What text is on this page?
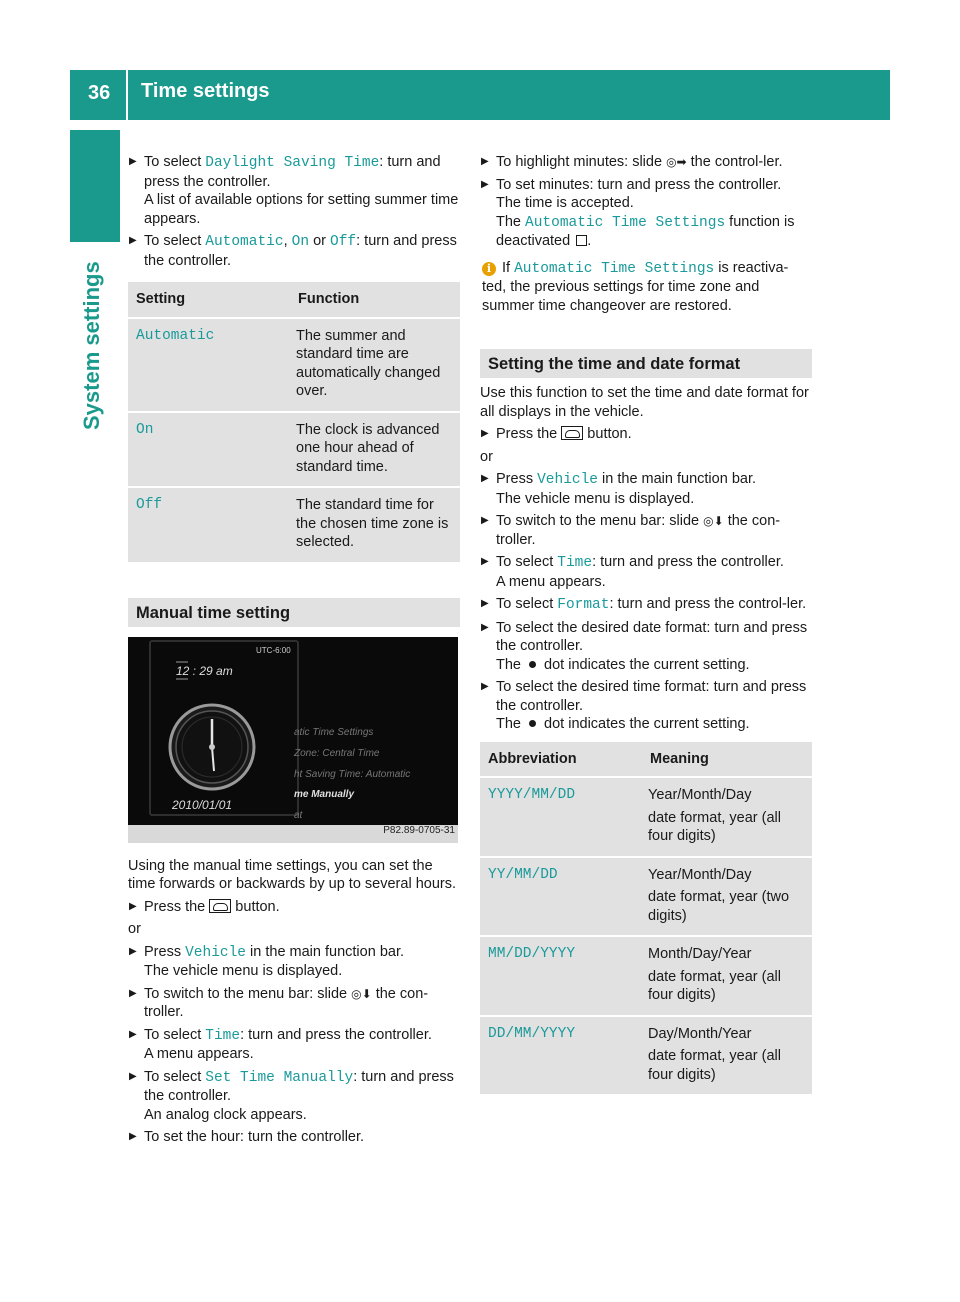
36 Time settings
System settings
▶ To select Daylight Saving Time: turn and press the controller.
A list of available options for setting summer time appears.
▶ To select Automatic, On or Off: turn and press the controller.
Setting	Function
Automatic	The summer and standard time are automatically changed over.
On	The clock is advanced one hour ahead of standard time.
Off	The standard time for the chosen time zone is selected.
Manual time setting
UTC-6:00
12 : 29 am
2010/01/01
atic Time Settings
Zone: Central Time
ht Saving Time: Automatic
me Manually
at
P82.89-0705-31

Using the manual time settings, you can set the time forwards or backwards by up to several hours.

▶ Press the  button.

or

▶ Press Vehicle in the main function bar.
The vehicle menu is displayed.
▶ To switch to the menu bar: slide ◎⬇ the con-troller.
▶ To select Time: turn and press the controller.
A menu appears.
▶ To select Set Time Manually: turn and press the controller.
An analog clock appears.
▶ To set the hour: turn the controller.
▶ To highlight minutes: slide ◎➡ the control-ler.
▶ To set minutes: turn and press the controller.
The time is accepted.
The Automatic Time Settings function is deactivated .
i If Automatic Time Settings is reactiva-ted, the previous settings for time zone and summer time changeover are restored.
Setting the time and date format

Use this function to set the time and date format for all displays in the vehicle.

▶ Press the  button.

or

▶ Press Vehicle in the main function bar.
The vehicle menu is displayed.
▶ To switch to the menu bar: slide ◎⬇ the con-troller.
▶ To select Time: turn and press the controller.
A menu appears.
▶ To select Format: turn and press the control-ler.
▶ To select the desired date format: turn and press the controller.
The  dot indicates the current setting.
▶ To select the desired time format: turn and press the controller.
The  dot indicates the current setting.
Abbreviation	Meaning
YYYY/MM/DD	Year/Month/Day

date format, year (all four digits)

YY/MM/DD	Year/Month/Day

date format, year (two digits)

MM/DD/YYYY	Month/Day/Year

date format, year (all four digits)

DD/MM/YYYY	Day/Month/Year

date format, year (all four digits)
